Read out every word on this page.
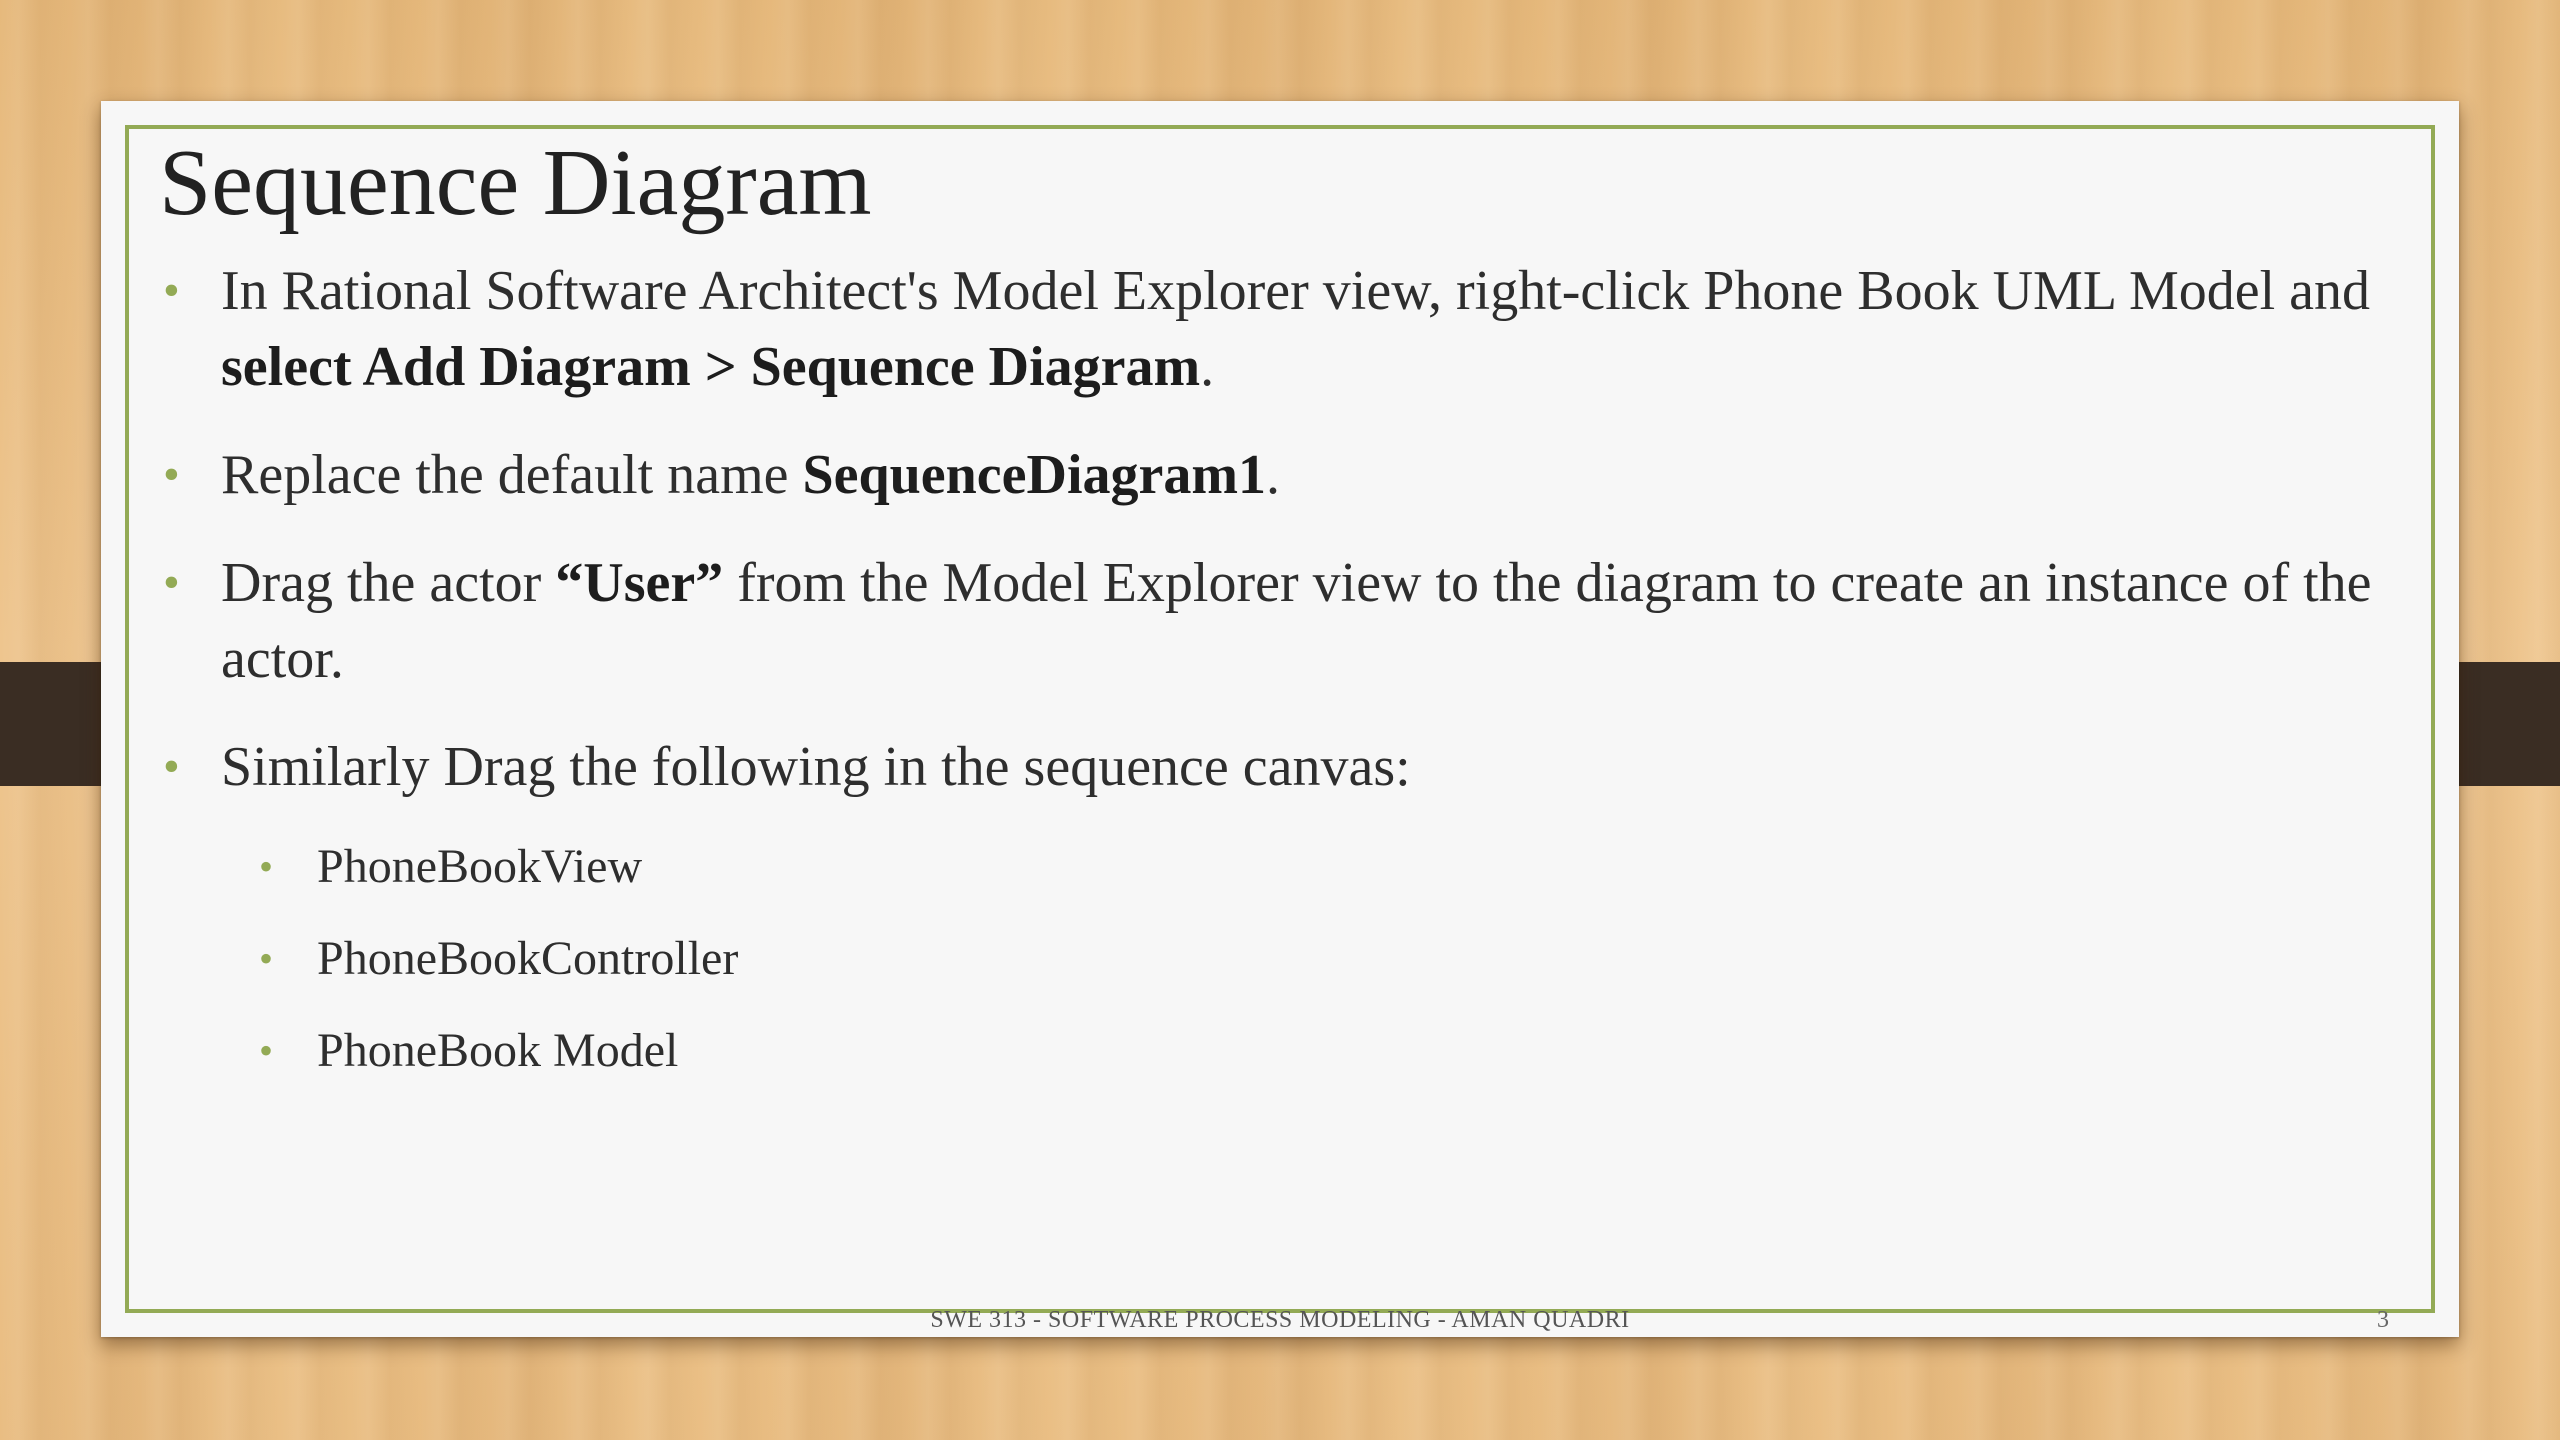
Sequence Diagram
• In Rational Software Architect's Model Explorer view, right-click Phone Book UML Model and select Add Diagram > Sequence Diagram.
• Replace the default name SequenceDiagram1.
• Drag the actor “User” from the Model Explorer view to the diagram to create an instance of the actor.
• Similarly Drag the following in the sequence canvas:
• PhoneBookView
• PhoneBookController
• PhoneBook Model
SWE 313 - SOFTWARE PROCESS MODELING - AMAN QUADRI	3
